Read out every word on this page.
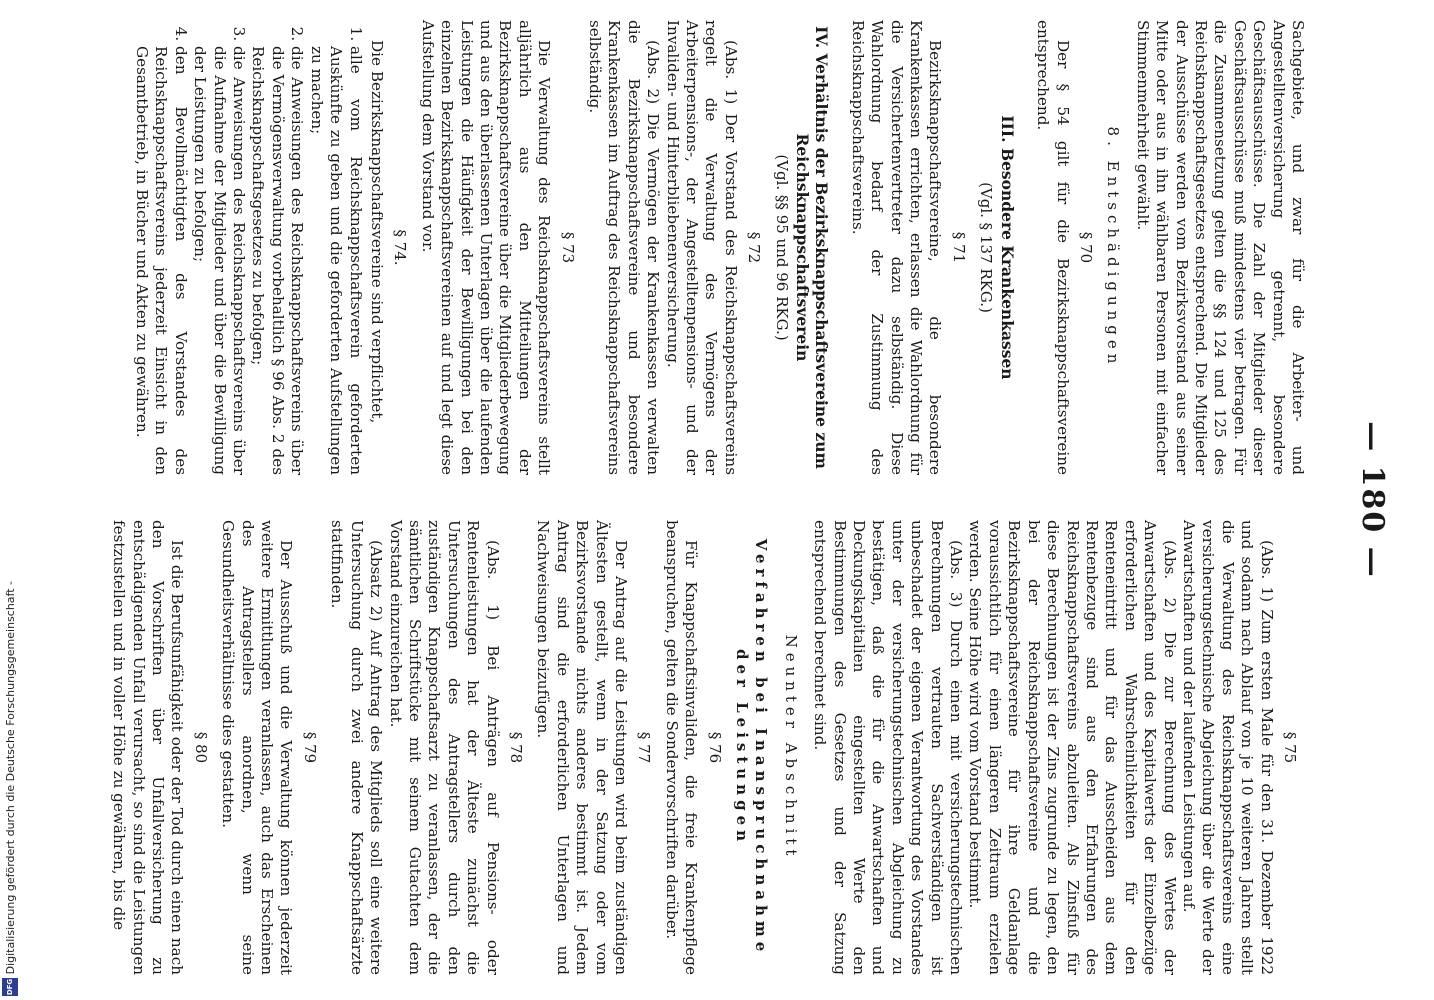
Digitalisierung gefördert durch die Deutsche Forschungsgemeinschaft -
DFG
— 180 —

Sachgebiete, und zwar für die Arbeiter- und Angestelltenversicherung getrennt, besondere Geschäftsausschüsse. Die Zahl der Mitglieder dieser Geschäftsausschüsse muß mindestens vier betragen. Für die Zusammensetzung gelten die §§ 124 und 125 des Reichsknappschaftsgesetzes entsprechend. Die Mitglieder der Ausschüsse werden vom Bezirksvorstand aus seiner Mitte oder aus in ihn wählbaren Personen mit einfacher Stimmenmehrheit gewählt.

8. Entschädigungen
§ 70

Der § 54 gilt für die Bezirksknappschaftsvereine entsprechend.

III. Besondere Krankenkassen
(Vgl. § 137 RKG.)
§ 71

Bezirksknappschaftsvereine, die besondere Krankenkassen errichten, erlassen die Wahlordnung für die Versichertenvertreter dazu selbständig. Diese Wahlordnung bedarf der Zustimmung des Reichsknappschaftsvereins.

IV. Verhältnis der Bezirksknappschaftsvereine zum Reichsknappschaftsverein
(Vgl. §§ 95 und 96 RKG.)
§ 72

(Abs. 1) Der Vorstand des Reichsknappschaftsvereins regelt die Verwaltung des Vermögens der Arbeiterpensions-, der Angestelltenpensions- und der Invaliden- und Hinterbliebenenversicherung.

(Abs. 2) Die Vermögen der Krankenkassen verwalten die Bezirksknappschaftsvereine und besondere Krankenkassen im Auftrag des Reichsknappschaftsvereins selbständig.

§ 73

Die Verwaltung des Reichsknappschaftsvereins stellt alljährlich aus den Mitteilungen der Bezirksknappschaftsvereine über die Mitgliederbewegung und aus den überlassenen Unterlagen über die laufenden Leistungen die Häufigkeit der Bewilligungen bei den einzelnen Bezirksknappschaftsvereinen auf und legt diese Aufstellung dem Vorstand vor.

§ 74.

Die Bezirksknappschaftsvereine sind verpflichtet,

1. alle vom Reichsknappschaftsverein geforderten Auskünfte zu geben und die geforderten Aufstellungen zu machen;
2. die Anweisungen des Reichsknappschaftsvereins über die Vermögensverwaltung vorbehaltlich § 96 Abs. 2 des Reichsknappschaftsgesetzes zu befolgen;
3. die Anweisungen des Reichsknappschaftsvereins über die Aufnahme der Mitglieder und über die Bewilligung der Leistungen zu befolgen;
4. den Bevollmächtigten des Vorstandes des Reichsknappschaftsvereins jederzeit Einsicht in den Gesamtbetrieb, in Bücher und Akten zu gewähren.
§ 75

(Abs. 1) Zum ersten Male für den 31. Dezember 1922 und sodann nach Ablauf von je 10 weiteren Jahren stellt die Verwaltung des Reichsknappschaftsvereins eine versicherungstechnische Abgleichung über die Werte der Anwartschaften und der laufenden Leistungen auf.

(Abs. 2) Die zur Berechnung des Wertes der Anwartschaften und des Kapitalwerts der Einzelbezüge erforderlichen Wahrscheinlichkeiten für den Renteneintritt und für das Ausscheiden aus dem Rentenbezuge sind aus den Erfahrungen des Reichsknappschaftsvereins abzuleiten. Als Zinsfuß für diese Berechnungen ist der Zins zugrunde zu legen, den bei der Reichsknappschaftsvereine und die Bezirksknappschaftsvereine für ihre Geldanlage voraussichtlich für einen längeren Zeitraum erzielen werden. Seine Höhe wird vom Vorstand bestimmt.

(Abs. 3) Durch einen mit versicherungstechnischen Berechnungen vertrauten Sachverständigen ist unbeschadet der eigenen Verantwortung des Vorstandes unter der versicherungstechnischen Abgleichung zu bestätigen, daß die für die Anwartschaften und Deckungskapitalien eingestellten Werte den Bestimmungen des Gesetzes und der Satzung entsprechend berechnet sind.

Neunter Abschnitt
Verfahren bei Inanspruchnahme der Leistungen
§ 76

Für Knappschaftsinvaliden, die freie Krankenpflege beanspruchen, gelten die Sondervorschriften darüber.

§ 77

Der Antrag auf die Leistungen wird beim zuständigen Ältesten gestellt, wenn in der Satzung oder vom Bezirksvorstande nichts anderes bestimmt ist. Jedem Antrag sind die erforderlichen Unterlagen und Nachweisungen beizufügen.

§ 78

(Abs. 1) Bei Anträgen auf Pensions- oder Rentenleistungen hat der Älteste zunächst die Untersuchungen des Antragstellers durch den zuständigen Knappschaftsarzt zu veranlassen, der die sämtlichen Schriftstücke mit seinem Gutachten dem Vorstand einzureichen hat.

(Absatz 2) Auf Antrag des Mitglieds soll eine weitere Untersuchung durch zwei andere Knappschaftsärzte stattfinden.

§ 79

Der Ausschuß und die Verwaltung können jederzeit weitere Ermittlungen veranlassen, auch das Erscheinen des Antragstellers anordnen, wenn seine Gesundheitsverhältnisse dies gestatten.

§ 80

Ist die Berufsunfähigkeit oder der Tod durch einen nach den Vorschriften über Unfallversicherung zu entschädigenden Unfall verursacht, so sind die Leistungen festzustellen und in voller Höhe zu gewähren, bis die
